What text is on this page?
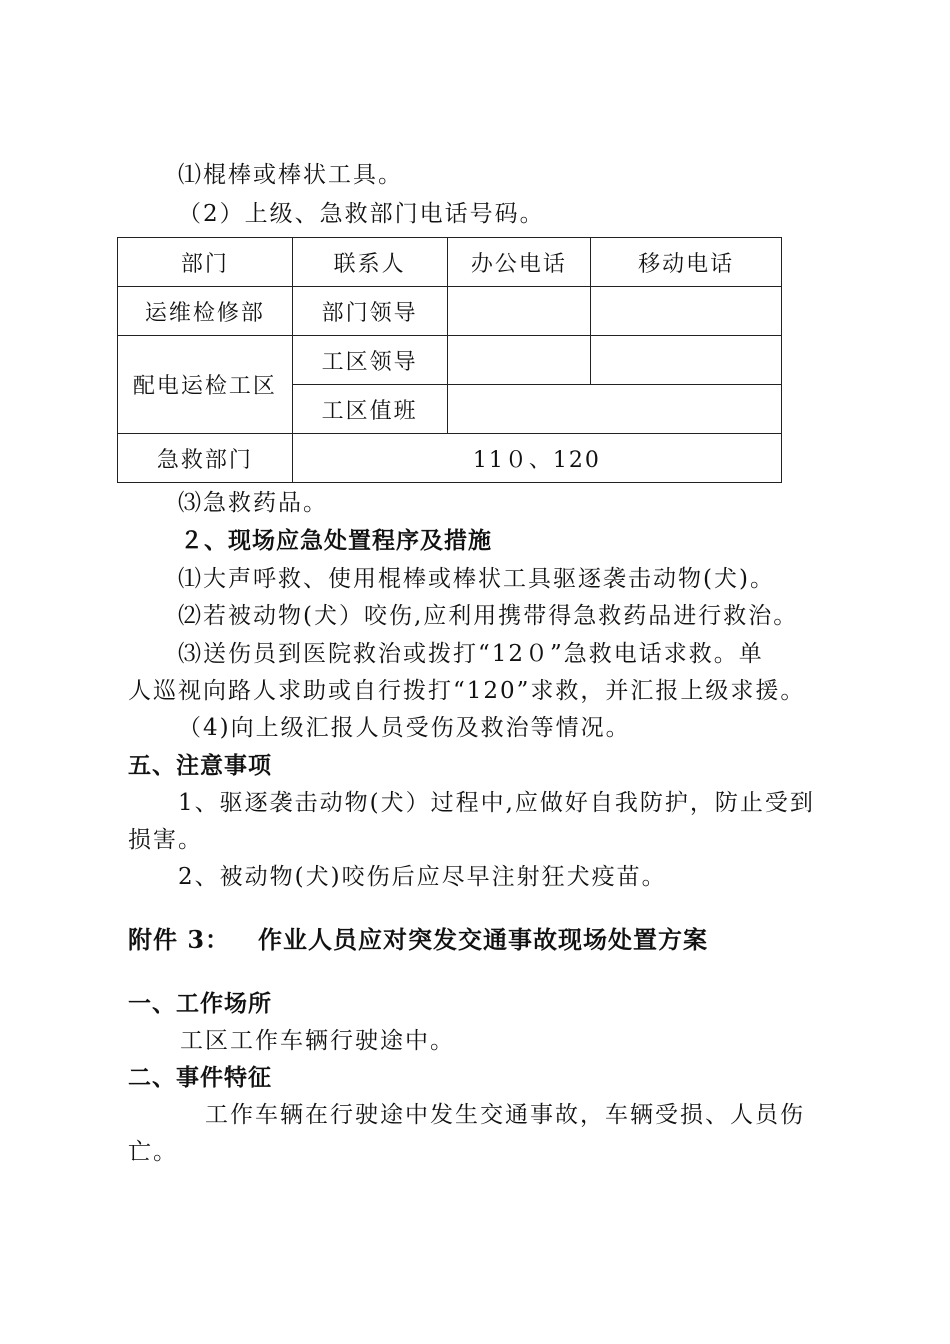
⑴棍棒或棒状工具。
（2）上级、急救部门电话号码。
部门	联系人	办公电话	移动电话
运维检修部	部门领导		
配电运检工区	工区领导		
	工区值班		
急救部门	11０、120		
⑶急救药品。
２、现场应急处置程序及措施
⑴大声呼救、使用棍棒或棒状工具驱逐袭击动物(犬)。
⑵若被动物(犬）咬伤,应利用携带得急救药品进行救治。
⑶送伤员到医院救治或拨打“12０”急救电话求救。单
人巡视向路人求助或自行拨打“120”求救，并汇报上级求援。
（4)向上级汇报人员受伤及救治等情况。
五、注意事项
1、驱逐袭击动物(犬）过程中,应做好自我防护，防止受到
损害。
2、被动物(犬)咬伤后应尽早注射狂犬疫苗。
附件 3： 作业人员应对突发交通事故现场处置方案
一、工作场所
工区工作车辆行驶途中。
二、事件特征
工作车辆在行驶途中发生交通事故，车辆受损、人员伤
亡。
